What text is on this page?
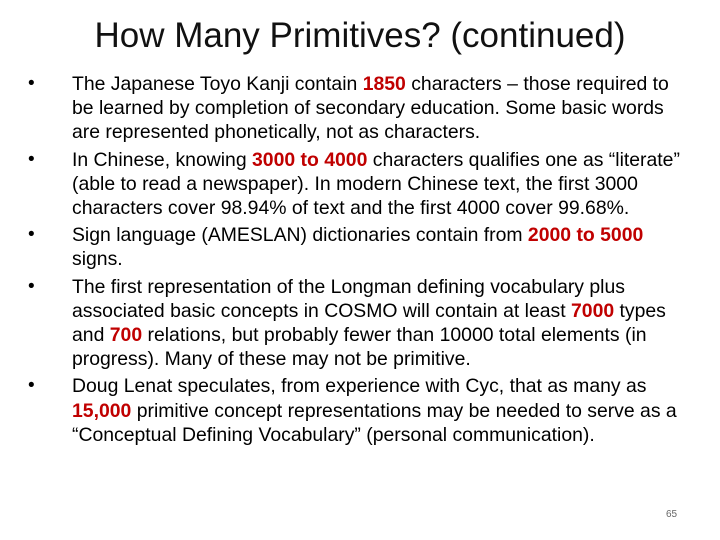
How Many Primitives? (continued)
• The Japanese Toyo Kanji contain 1850 characters – those required to be learned by completion of secondary education. Some basic words are represented phonetically, not as characters.
• In Chinese, knowing 3000 to 4000 characters qualifies one as “literate” (able to read a newspaper). In modern Chinese text, the first 3000 characters cover 98.94% of text and the first 4000 cover 99.68%.
• Sign language (AMESLAN) dictionaries contain from 2000 to 5000 signs.
• The first representation of the Longman defining vocabulary plus associated basic concepts in COSMO will contain at least 7000 types and 700 relations, but probably fewer than 10000 total elements (in progress). Many of these may not be primitive.
• Doug Lenat speculates, from experience with Cyc, that as many as 15,000 primitive concept representations may be needed to serve as a “Conceptual Defining Vocabulary” (personal communication).
65
